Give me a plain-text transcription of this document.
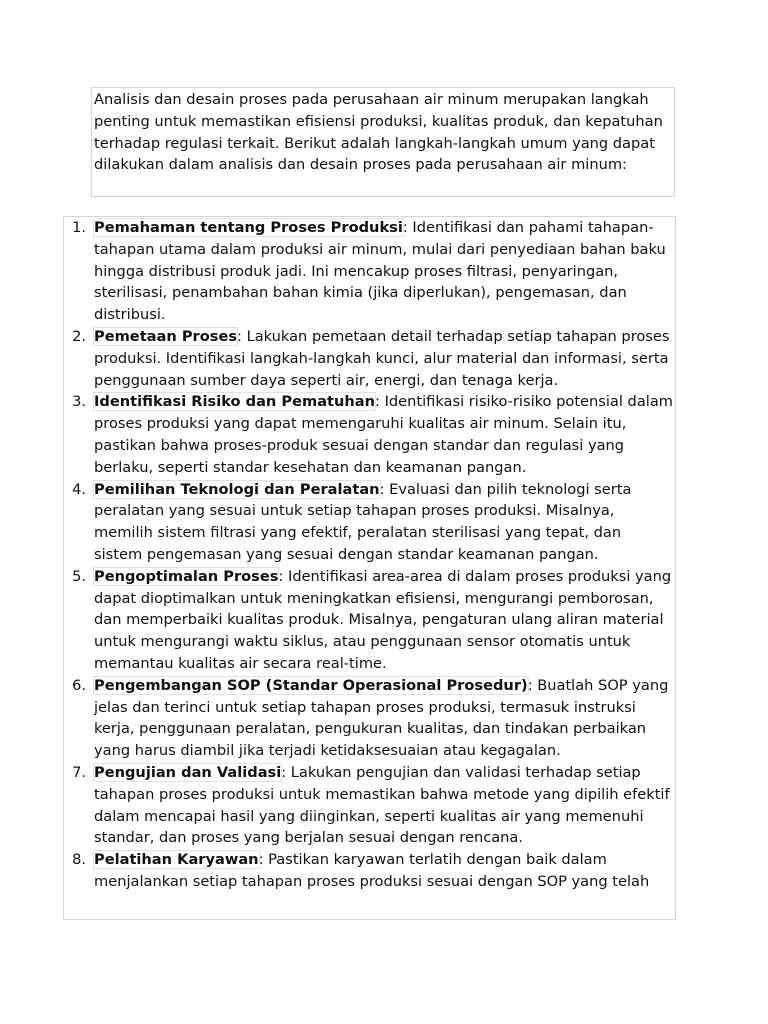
Analisis dan desain proses pada perusahaan air minum merupakan langkah penting untuk memastikan efisiensi produksi, kualitas produk, dan kepatuhan terhadap regulasi terkait. Berikut adalah langkah-langkah umum yang dapat dilakukan dalam analisis dan desain proses pada perusahaan air minum:
1. Pemahaman tentang Proses Produksi: Identifikasi dan pahami tahapan-tahapan utama dalam produksi air minum, mulai dari penyediaan bahan baku hingga distribusi produk jadi. Ini mencakup proses filtrasi, penyaringan, sterilisasi, penambahan bahan kimia (jika diperlukan), pengemasan, dan distribusi.
2. Pemetaan Proses: Lakukan pemetaan detail terhadap setiap tahapan proses produksi. Identifikasi langkah-langkah kunci, alur material dan informasi, serta penggunaan sumber daya seperti air, energi, dan tenaga kerja.
3. Identifikasi Risiko dan Pematuhan: Identifikasi risiko-risiko potensial dalam proses produksi yang dapat memengaruhi kualitas air minum. Selain itu, pastikan bahwa proses-produk sesuai dengan standar dan regulasi yang berlaku, seperti standar kesehatan dan keamanan pangan.
4. Pemilihan Teknologi dan Peralatan: Evaluasi dan pilih teknologi serta peralatan yang sesuai untuk setiap tahapan proses produksi. Misalnya, memilih sistem filtrasi yang efektif, peralatan sterilisasi yang tepat, dan sistem pengemasan yang sesuai dengan standar keamanan pangan.
5. Pengoptimalan Proses: Identifikasi area-area di dalam proses produksi yang dapat dioptimalkan untuk meningkatkan efisiensi, mengurangi pemborosan, dan memperbaiki kualitas produk. Misalnya, pengaturan ulang aliran material untuk mengurangi waktu siklus, atau penggunaan sensor otomatis untuk memantau kualitas air secara real-time.
6. Pengembangan SOP (Standar Operasional Prosedur): Buatlah SOP yang jelas dan terinci untuk setiap tahapan proses produksi, termasuk instruksi kerja, penggunaan peralatan, pengukuran kualitas, dan tindakan perbaikan yang harus diambil jika terjadi ketidaksesuaian atau kegagalan.
7. Pengujian dan Validasi: Lakukan pengujian dan validasi terhadap setiap tahapan proses produksi untuk memastikan bahwa metode yang dipilih efektif dalam mencapai hasil yang diinginkan, seperti kualitas air yang memenuhi standar, dan proses yang berjalan sesuai dengan rencana.
8. Pelatihan Karyawan: Pastikan karyawan terlatih dengan baik dalam menjalankan setiap tahapan proses produksi sesuai dengan SOP yang telah
